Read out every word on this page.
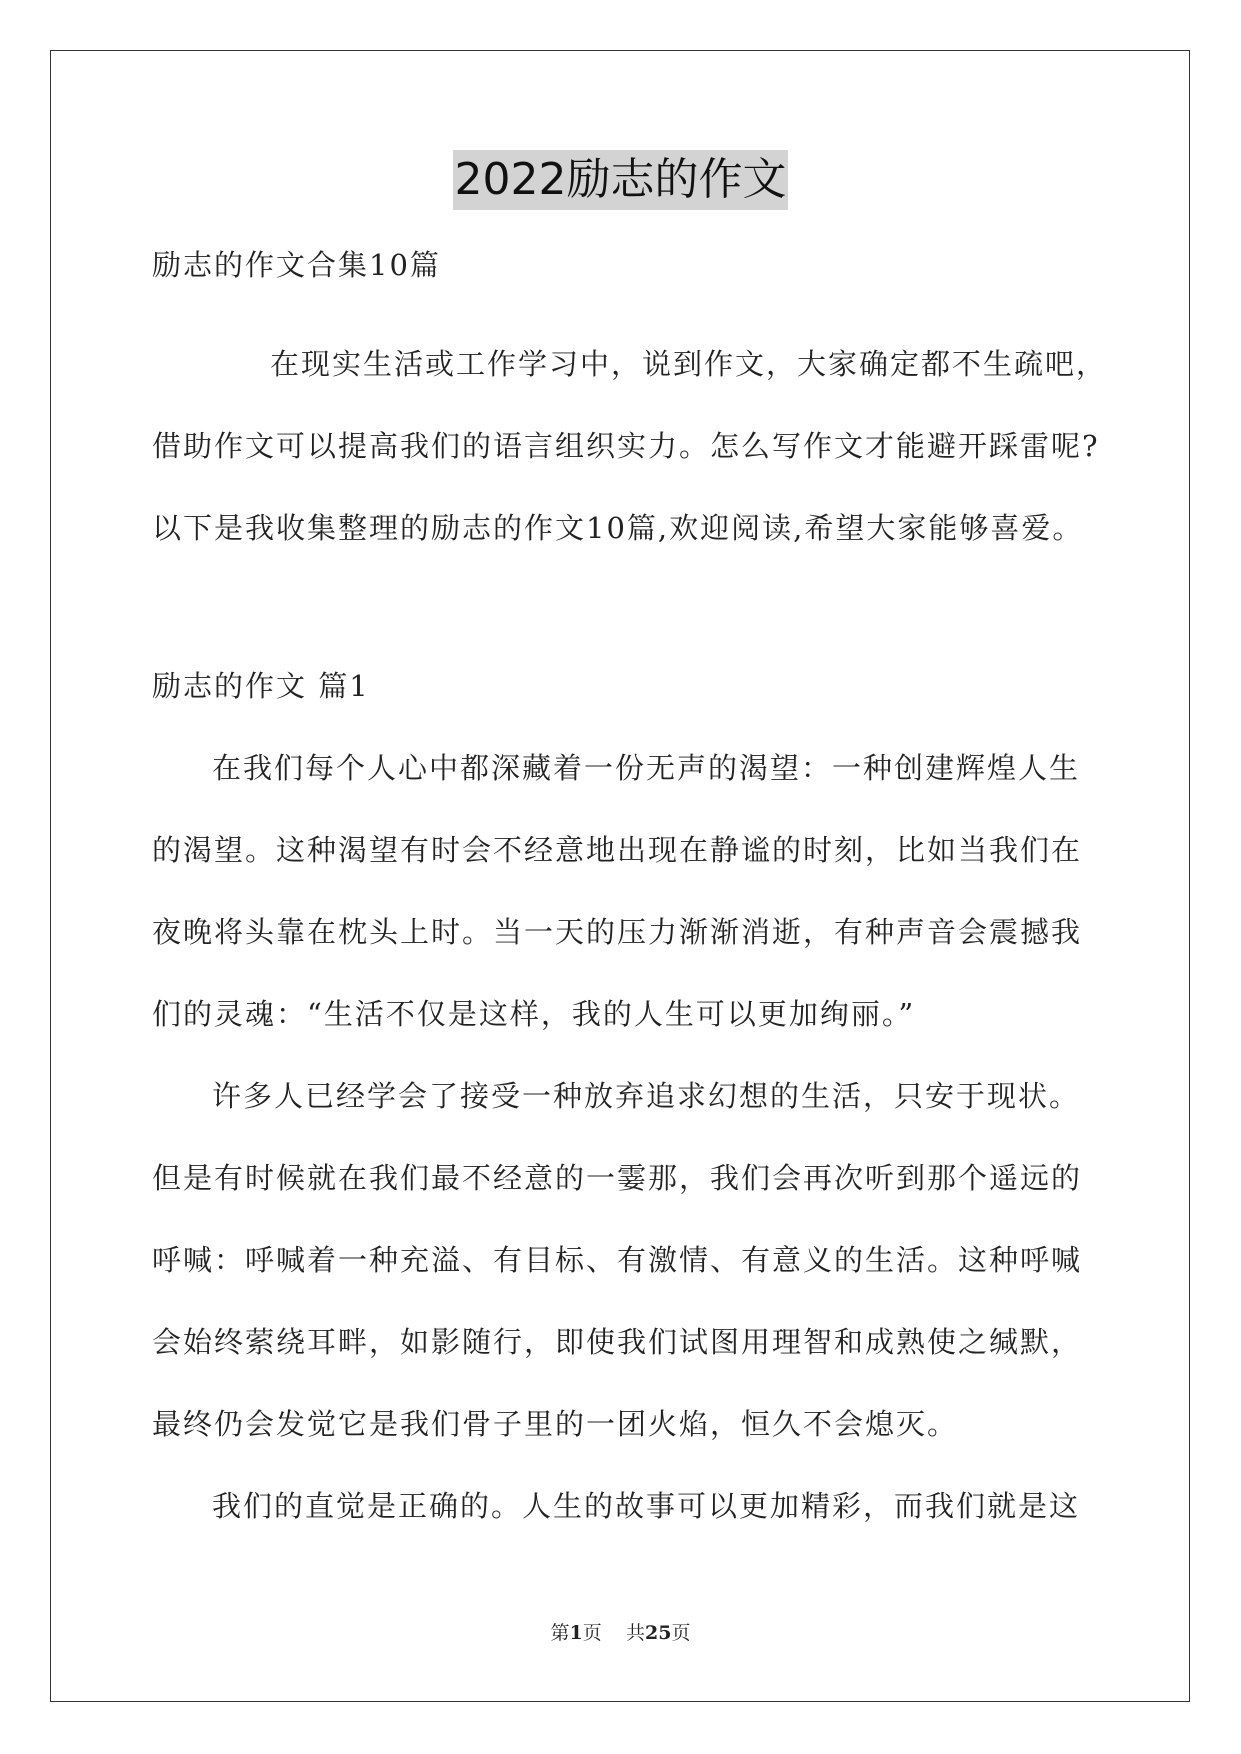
2022励志的作文
励志的作文合集10篇
在现实生活或工作学习中，说到作文，大家确定都不生疏吧，
借助作文可以提高我们的语言组织实力。怎么写作文才能避开踩雷呢?
以下是我收集整理的励志的作文10篇,欢迎阅读,希望大家能够喜爱。
励志的作文 篇1
在我们每个人心中都深藏着一份无声的渴望：一种创建辉煌人生
的渴望。这种渴望有时会不经意地出现在静谧的时刻，比如当我们在
夜晚将头靠在枕头上时。当一天的压力渐渐消逝，有种声音会震撼我
们的灵魂：“生活不仅是这样，我的人生可以更加绚丽。”
许多人已经学会了接受一种放弃追求幻想的生活，只安于现状。
但是有时候就在我们最不经意的一霎那，我们会再次听到那个遥远的
呼喊：呼喊着一种充溢、有目标、有激情、有意义的生活。这种呼喊
会始终萦绕耳畔，如影随行，即使我们试图用理智和成熟使之缄默，
最终仍会发觉它是我们骨子里的一团火焰，恒久不会熄灭。
我们的直觉是正确的。人生的故事可以更加精彩，而我们就是这
第1页 共25页
